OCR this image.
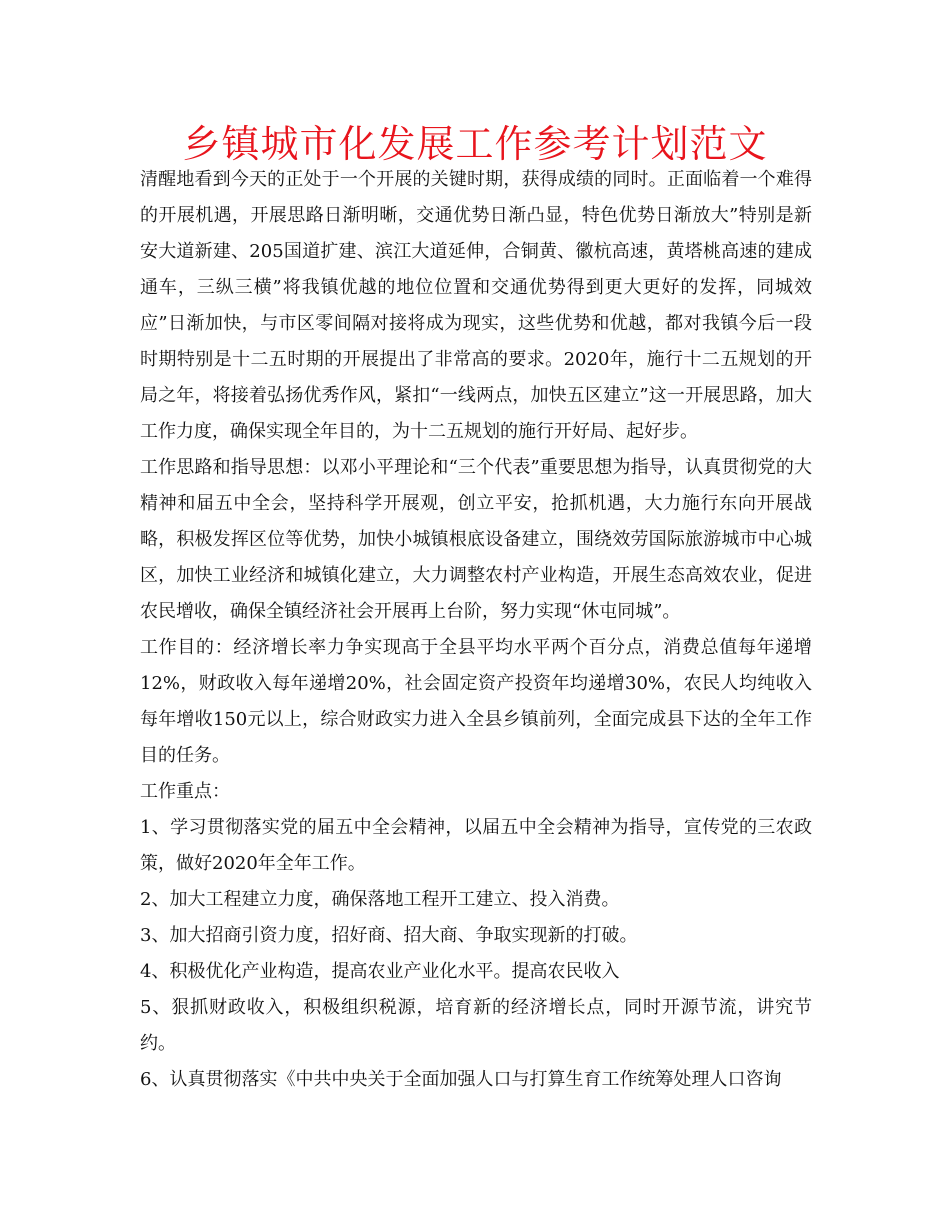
乡镇城市化发展工作参考计划范文

清醒地看到今天的正处于一个开展的关键时期，获得成绩的同时。正面临着一个难得的开展机遇，开展思路日渐明晰，交通优势日渐凸显，特色优势日渐放大”特别是新安大道新建、205国道扩建、滨江大道延伸，合铜黄、徽杭高速，黄塔桃高速的建成通车，三纵三横”将我镇优越的地位位置和交通优势得到更大更好的发挥，同城效应”日渐加快，与市区零间隔对接将成为现实，这些优势和优越，都对我镇今后一段时期特别是十二五时期的开展提出了非常高的要求。2020年，施行十二五规划的开局之年，将接着弘扬优秀作风，紧扣“一线两点，加快五区建立”这一开展思路，加大工作力度，确保实现全年目的，为十二五规划的施行开好局、起好步。

工作思路和指导思想：以邓小平理论和“三个代表”重要思想为指导，认真贯彻党的大精神和届五中全会，坚持科学开展观，创立平安，抢抓机遇，大力施行东向开展战略，积极发挥区位等优势，加快小城镇根底设备建立，围绕效劳国际旅游城市中心城区，加快工业经济和城镇化建立，大力调整农村产业构造，开展生态高效农业，促进农民增收，确保全镇经济社会开展再上台阶，努力实现“休屯同城”。

工作目的：经济增长率力争实现高于全县平均水平两个百分点，消费总值每年递增12%，财政收入每年递增20%，社会固定资产投资年均递增30%，农民人均纯收入每年增收150元以上，综合财政实力进入全县乡镇前列，全面完成县下达的全年工作目的任务。

工作重点：

1、学习贯彻落实党的届五中全会精神，以届五中全会精神为指导，宣传党的三农政策，做好2020年全年工作。

2、加大工程建立力度，确保落地工程开工建立、投入消费。

3、加大招商引资力度，招好商、招大商、争取实现新的打破。

4、积极优化产业构造，提高农业产业化水平。提高农民收入

5、狠抓财政收入，积极组织税源，培育新的经济增长点，同时开源节流，讲究节约。

6、认真贯彻落实《中共中央关于全面加强人口与打算生育工作统筹处理人口咨询
